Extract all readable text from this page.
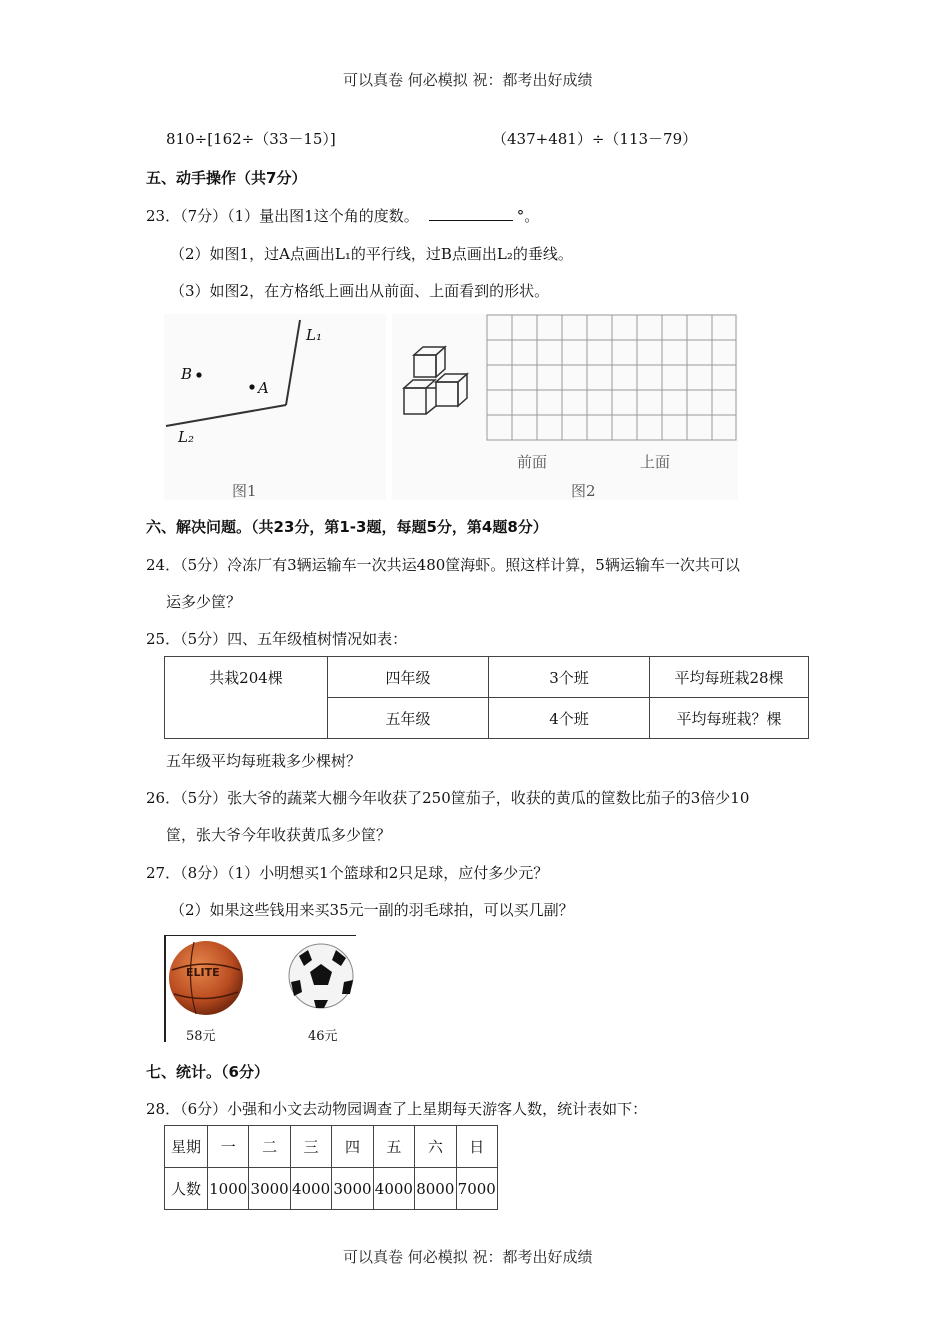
可以真卷 何必模拟 祝：都考出好成绩
810÷[162÷（33－15）]	（437+481）÷（113－79）
五、动手操作（共7分）
23．（7分）（1）量出图1这个角的度数。	°。
（2）如图1，过A点画出L₁的平行线，过B点画出L₂的垂线。
（3）如图2，在方格纸上画出从前面、上面看到的形状。
L₁
L₂
B
A
图1
前面	上面
图2
六、解决问题。（共23分，第1-3题，每题5分，第4题8分）
24．（5分）冷冻厂有3辆运输车一次共运480筐海虾。照这样计算，5辆运输车一次共可以
运多少筐？
25．（5分）四、五年级植树情况如表：
共栽204棵	四年级	3个班	平均每班栽28棵
	五年级	4个班	平均每班栽？棵
五年级平均每班栽多少棵树？
26．（5分）张大爷的蔬菜大棚今年收获了250筐茄子，收获的黄瓜的筐数比茄子的3倍少10
筐，张大爷今年收获黄瓜多少筐？
27．（8分）（1）小明想买1个篮球和2只足球，应付多少元？
（2）如果这些钱用来买35元一副的羽毛球拍，可以买几副？
ELITE
58元	46元
七、统计。（6分）
28．（6分）小强和小文去动物园调查了上星期每天游客人数，统计表如下：
星期	一	二	三	四	五	六	日
人数	1000	3000	4000	3000	4000	8000	7000
可以真卷 何必模拟 祝：都考出好成绩
